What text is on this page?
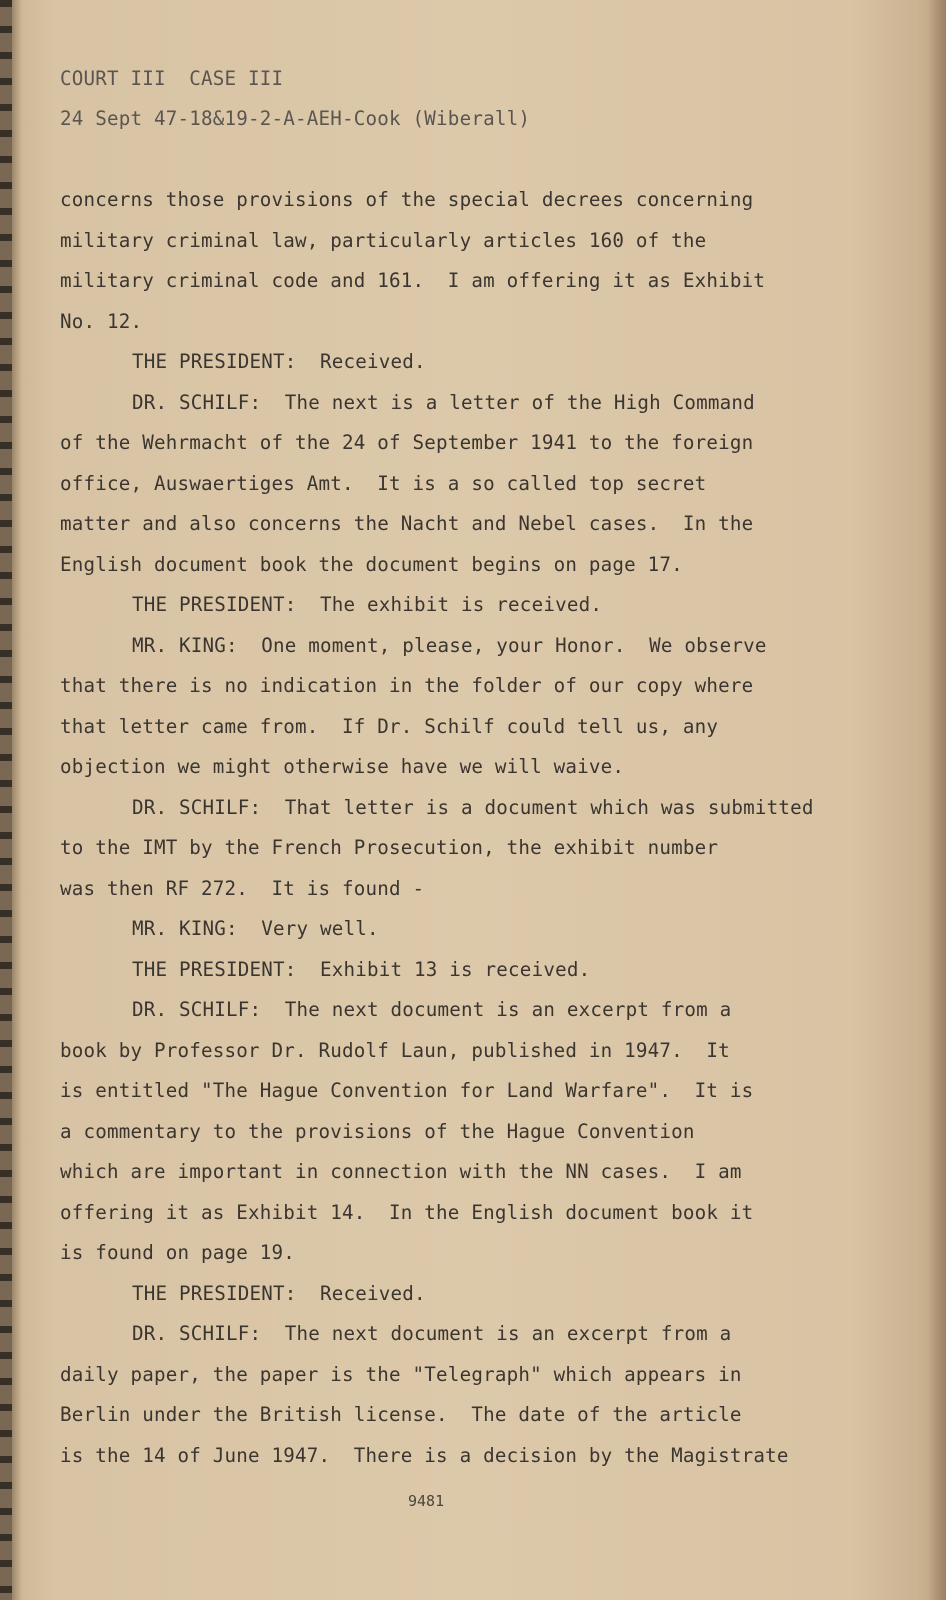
COURT III  CASE III
24 Sept 47-18&19-2-A-AEH-Cook (Wiberall)
concerns those provisions of the special decrees concerning
military criminal law, particularly articles 160 of the
military criminal code and 161.  I am offering it as Exhibit
No. 12.
THE PRESIDENT:  Received.
DR. SCHILF:  The next is a letter of the High Command
of the Wehrmacht of the 24 of September 1941 to the foreign
office, Auswaertiges Amt.  It is a so called top secret
matter and also concerns the Nacht and Nebel cases.  In the
English document book the document begins on page 17.
THE PRESIDENT:  The exhibit is received.
MR. KING:  One moment, please, your Honor.  We observe
that there is no indication in the folder of our copy where
that letter came from.  If Dr. Schilf could tell us, any
objection we might otherwise have we will waive.
DR. SCHILF:  That letter is a document which was submitted
to the IMT by the French Prosecution, the exhibit number
was then RF 272.  It is found -
MR. KING:  Very well.
THE PRESIDENT:  Exhibit 13 is received.
DR. SCHILF:  The next document is an excerpt from a
book by Professor Dr. Rudolf Laun, published in 1947.  It
is entitled "The Hague Convention for Land Warfare".  It is
a commentary to the provisions of the Hague Convention
which are important in connection with the NN cases.  I am
offering it as Exhibit 14.  In the English document book it
is found on page 19.
THE PRESIDENT:  Received.
DR. SCHILF:  The next document is an excerpt from a
daily paper, the paper is the "Telegraph" which appears in
Berlin under the British license.  The date of the article
is the 14 of June 1947.  There is a decision by the Magistrate
9481
